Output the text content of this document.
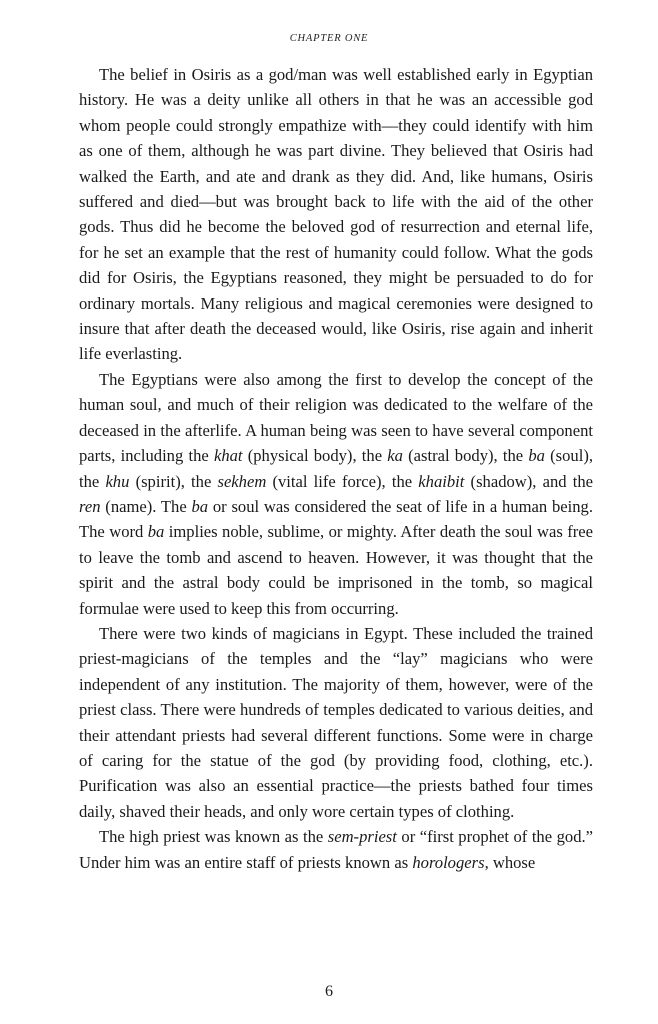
CHAPTER ONE

The belief in Osiris as a god/man was well established early in Egyptian history. He was a deity unlike all others in that he was an accessible god whom people could strongly empathize with—they could identify with him as one of them, although he was part divine. They believed that Osiris had walked the Earth, and ate and drank as they did. And, like humans, Osiris suffered and died—but was brought back to life with the aid of the other gods. Thus did he become the beloved god of resurrection and eternal life, for he set an example that the rest of humanity could follow. What the gods did for Osiris, the Egyptians reasoned, they might be persuaded to do for ordinary mortals. Many religious and magical ceremonies were designed to insure that after death the deceased would, like Osiris, rise again and inherit life everlasting.

The Egyptians were also among the first to develop the concept of the human soul, and much of their religion was dedicated to the welfare of the deceased in the afterlife. A human being was seen to have several component parts, including the khat (physical body), the ka (astral body), the ba (soul), the khu (spirit), the sekhem (vital life force), the khaibit (shadow), and the ren (name). The ba or soul was considered the seat of life in a human being. The word ba implies noble, sublime, or mighty. After death the soul was free to leave the tomb and ascend to heaven. However, it was thought that the spirit and the astral body could be imprisoned in the tomb, so magical formulae were used to keep this from occurring.

There were two kinds of magicians in Egypt. These included the trained priest-magicians of the temples and the “lay” magicians who were independent of any institution. The majority of them, however, were of the priest class. There were hundreds of temples dedicated to various deities, and their attendant priests had several different functions. Some were in charge of caring for the statue of the god (by providing food, clothing, etc.). Purification was also an essential practice—the priests bathed four times daily, shaved their heads, and only wore certain types of clothing.

The high priest was known as the sem-priest or “first prophet of the god.” Under him was an entire staff of priests known as horologers, whose

6
